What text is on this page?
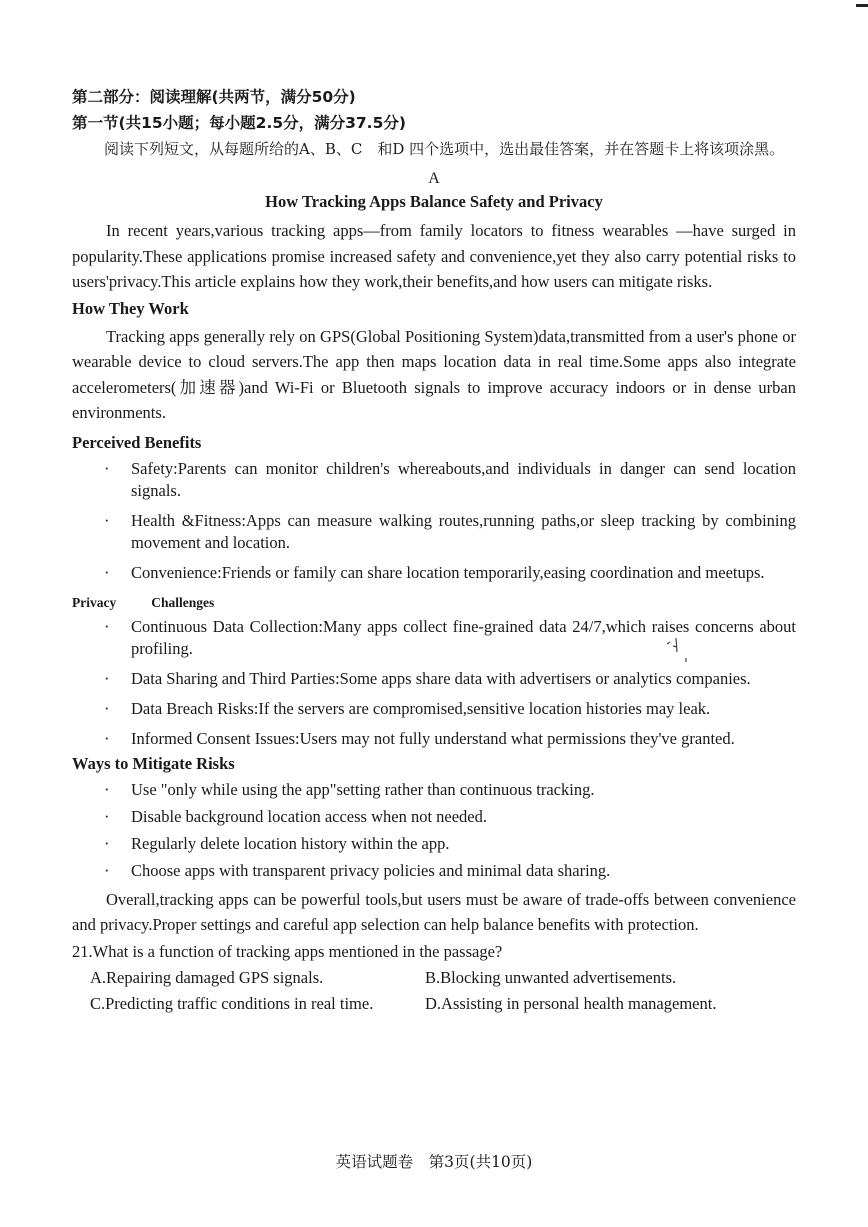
第二部分：阅读理解(共两节，满分50分)

第一节(共15小题；每小题2.5分，满分37.5分)

阅读下列短文，从每题所给的A、B、C　和D 四个选项中，选出最佳答案，并在答题卡上将该项涂黑。

A
How Tracking Apps Balance Safety and Privacy

In recent years,various tracking apps—from family locators to fitness wearables —have surged in popularity.These applications promise increased safety and convenience,yet they also carry potential risks to users'privacy.This article explains how they work,their benefits,and how users can mitigate risks.

How They Work

Tracking apps generally rely on GPS(Global Positioning System)data,transmitted from a user's phone or wearable device to cloud servers.The app then maps location data in real time.Some apps also integrate accelerometers(加速器)and Wi-Fi or Bluetooth signals to improve accuracy indoors or in dense urban environments.

Perceived Benefits
· Safety:Parents can monitor children's whereabouts,and individuals in danger can send location signals.
· Health &Fitness:Apps can measure walking routes,running paths,or sleep tracking by combining movement and location.
· Convenience:Friends or family can share location temporarily,easing coordination and meetups.
Privacy	Challenges
· Continuous Data Collection:Many apps collect fine-grained data 24/7,which raises concerns about profiling.
· Data Sharing and Third Parties:Some apps share data with advertisers or analytics companies.
· Data Breach Risks:If the servers are compromised,sensitive location histories may leak.
· Informed Consent Issues:Users may not fully understand what permissions they've granted.
Ways to Mitigate Risks
· Use "only while using the app"setting rather than continuous tracking.
· Disable background location access when not needed.
· Regularly delete location history within the app.
· Choose apps with transparent privacy policies and minimal data sharing.

Overall,tracking apps can be powerful tools,but users must be aware of trade-offs between convenience and privacy.Proper settings and careful app selection can help balance benefits with protection.

21.What is a function of tracking apps mentioned in the passage?
A.Repairing damaged GPS signals.	B.Blocking unwanted advertisements.
C.Predicting traffic conditions in real time.	D.Assisting in personal health management.
英语试题卷　第3页(共10页)
